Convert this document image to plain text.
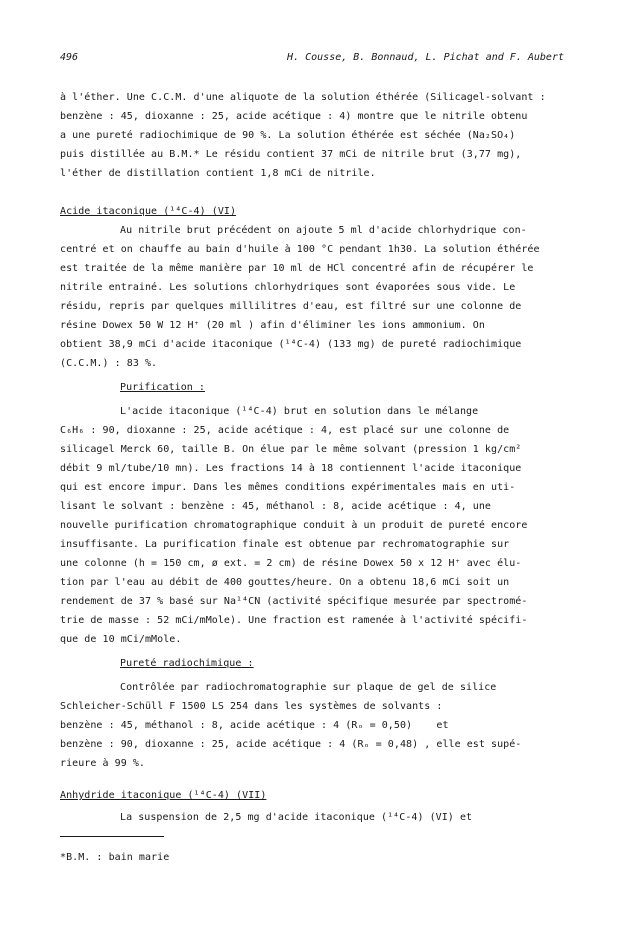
496	H. Cousse, B. Bonnaud, L. Pichat and F. Aubert
à l'éther. Une C.C.M. d'une aliquote de la solution éthérée (Silicagel-solvant :
benzène : 45, dioxanne : 25, acide acétique : 4) montre que le nitrile obtenu
a une pureté radiochimique de 90 %. La solution éthérée est séchée (Na₂SO₄)
puis distillée au B.M.* Le résidu contient 37 mCi de nitrile brut (3,77 mg),
l'éther de distillation contient 1,8 mCi de nitrile.
Acide itaconique (¹⁴C-4) (VI)
Au nitrile brut précédent on ajoute 5 ml d'acide chlorhydrique con-
centré et on chauffe au bain d'huile à 100 °C pendant 1h30. La solution éthérée
est traitée de la même manière par 10 ml de HCl concentré afin de récupérer le
nitrile entrainé. Les solutions chlorhydriques sont évaporées sous vide. Le
résidu, repris par quelques millilitres d'eau, est filtré sur une colonne de
résine Dowex 50 W 12 H⁺ (20 ml ) afin d'éliminer les ions ammonium. On
obtient 38,9 mCi d'acide itaconique (¹⁴C-4) (133 mg) de pureté radiochimique
(C.C.M.) : 83 %.
Purification :
L'acide itaconique (¹⁴C-4) brut en solution dans le mélange
C₆H₆ : 90, dioxanne : 25, acide acétique : 4, est placé sur une colonne de
silicagel Merck 60, taille B. On élue par le même solvant (pression 1 kg/cm²
débit 9 ml/tube/10 mn). Les fractions 14 à 18 contiennent l'acide itaconique
qui est encore impur. Dans les mêmes conditions expérimentales mais en uti-
lisant le solvant : benzène : 45, méthanol : 8, acide acétique : 4, une
nouvelle purification chromatographique conduit à un produit de pureté encore
insuffisante. La purification finale est obtenue par rechromatographie sur
une colonne (h = 150 cm, ø ext. = 2 cm) de résine Dowex 50 x 12 H⁺ avec élu-
tion par l'eau au débit de 400 gouttes/heure. On a obtenu 18,6 mCi soit un
rendement de 37 % basé sur Na¹⁴CN (activité spécifique mesurée par spectromé-
trie de masse : 52 mCi/mMole). Une fraction est ramenée à l'activité spécifi-
que de 10 mCi/mMole.
Pureté radiochimique :
Contrôlée par radiochromatographie sur plaque de gel de silice
Schleicher-Schüll F 1500 LS 254 dans les systèmes de solvants :
benzène : 45, méthanol : 8, acide acétique : 4 (Rₒ = 0,50)    et
benzène : 90, dioxanne : 25, acide acétique : 4 (Rₒ = 0,48) , elle est supé-
rieure à 99 %.
Anhydride itaconique (¹⁴C-4) (VII)
La suspension de 2,5 mg d'acide itaconique (¹⁴C-4) (VI) et
*B.M. : bain marie
